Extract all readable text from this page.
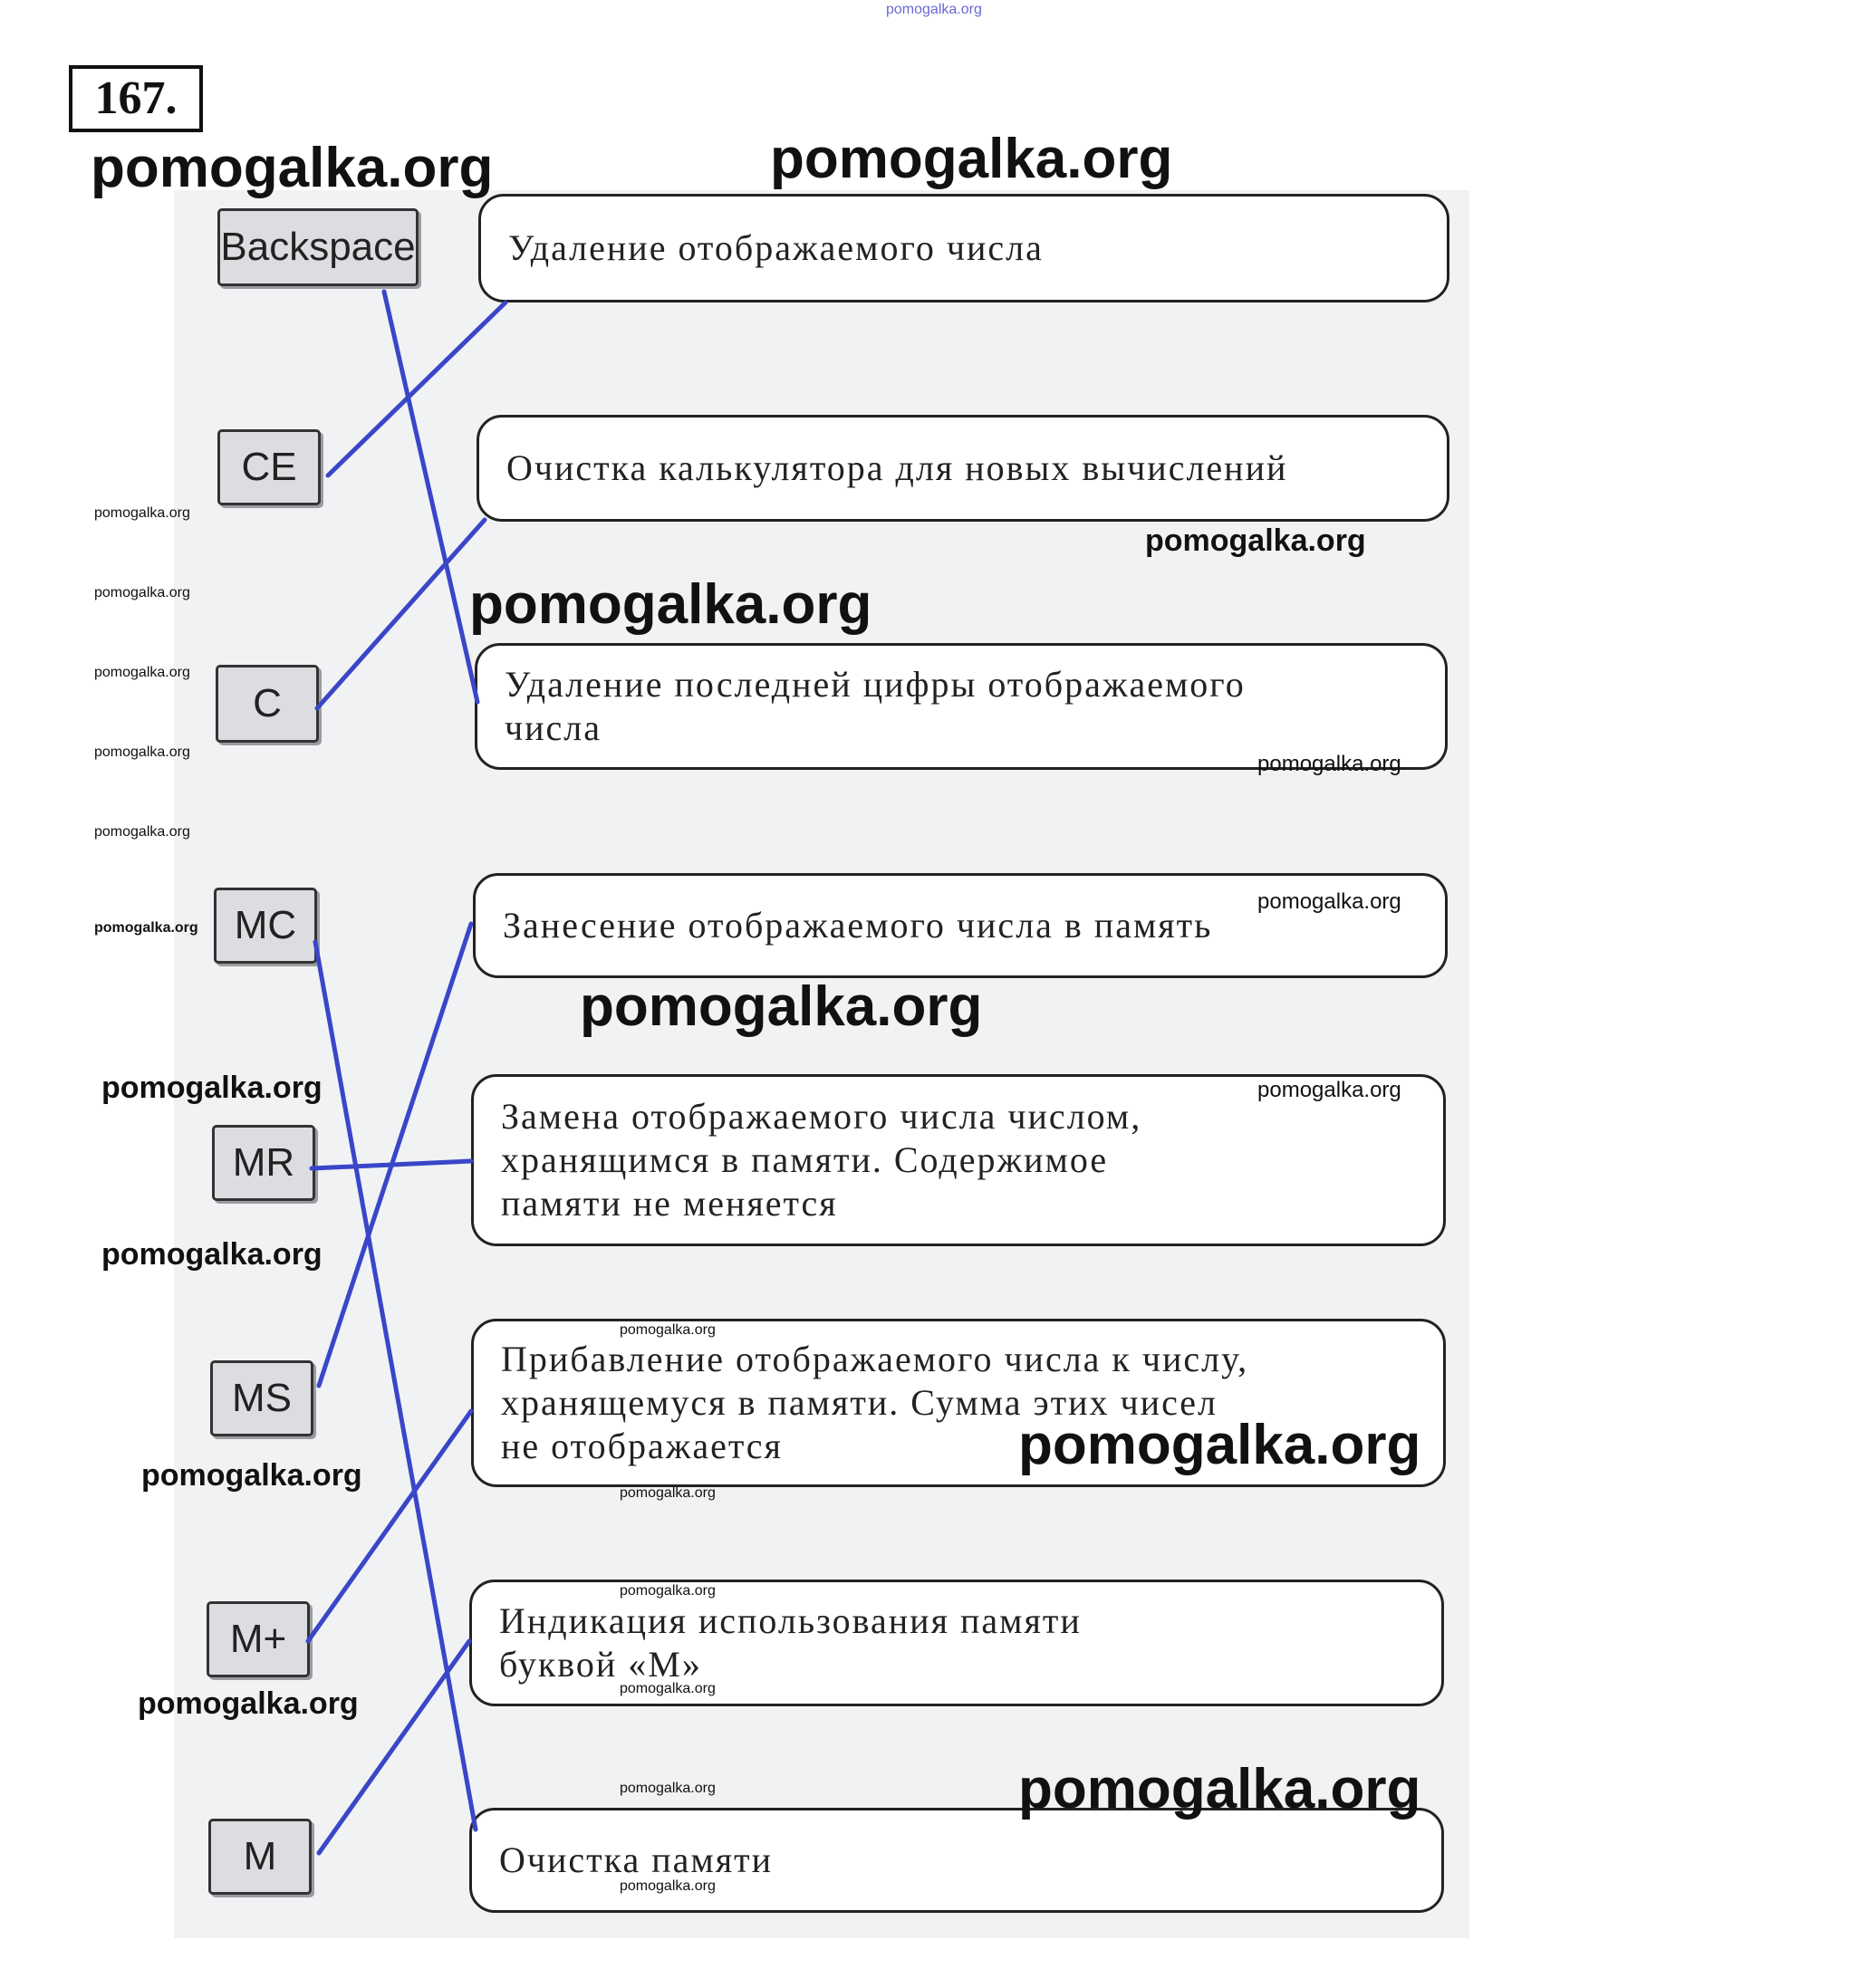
167.
Backspace
CE
C
MC
MR
MS
M+
M
Удаление отображаемого числа
Очистка калькулятора для новых вычислений
Удаление последней цифры отображаемого
числа
Занесение отображаемого числа в память
Замена отображаемого числа числом,
хранящимся в памяти. Содержимое
памяти не меняется
Прибавление отображаемого числа к числу,
хранящемуся в памяти. Сумма этих чисел
не отображается
Индикация использования памяти
буквой «М»
Очистка памяти
pomogalka.org
pomogalka.org	pomogalka.org
pomogalka.org
pomogalka.org
pomogalka.org
pomogalka.org
pomogalka.org
pomogalka.org
pomogalka.org
pomogalka.org
pomogalka.org
pomogalka.org
pomogalka.org
pomogalka.org
pomogalka.org
pomogalka.org
pomogalka.org
pomogalka.org
pomogalka.org
pomogalka.org
pomogalka.org
pomogalka.org
pomogalka.org
pomogalka.org
pomogalka.org
pomogalka.org
